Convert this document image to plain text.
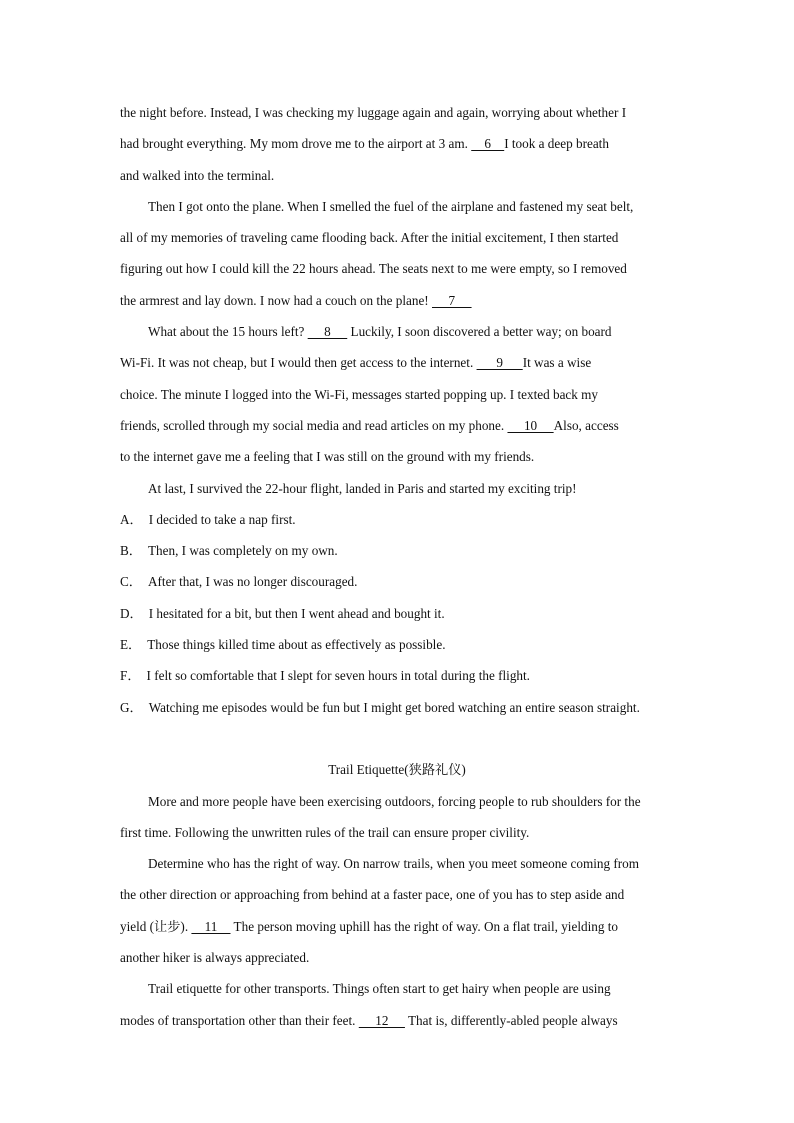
the night before. Instead, I was checking my luggage again and again, worrying about whether I
had brought everything. My mom drove me to the airport at 3 am.     6    I took a deep breath
and walked into the terminal.
Then I got onto the plane. When I smelled the fuel of the airplane and fastened my seat belt,
all of my memories of traveling came flooding back. After the initial excitement, I then started
figuring out how I could kill the 22 hours ahead. The seats next to me were empty, so I removed
the armrest and lay down. I now had a couch on the plane!      7
What about the 15 hours left?      8      Luckily, I soon discovered a better way; on board
Wi-Fi. It was not cheap, but I would then get access to the internet.       9      It was a wise
choice. The minute I logged into the Wi-Fi, messages started popping up. I texted back my
friends, scrolled through my social media and read articles on my phone.      10     Also, access
to the internet gave me a feeling that I was still on the ground with my friends.
At last, I survived the 22-hour flight, landed in Paris and started my exciting trip!
A． I decided to take a nap first.
B． Then, I was completely on my own.
C． After that, I was no longer discouraged.
D． I hesitated for a bit, but then I went ahead and bought it.
E． Those things killed time about as effectively as possible.
F． I felt so comfortable that I slept for seven hours in total during the flight.
G． Watching me episodes would be fun but I might get bored watching an entire season straight.
Trail Etiquette(狭路礼仪)
More and more people have been exercising outdoors, forcing people to rub shoulders for the
first time. Following the unwritten rules of the trail can ensure proper civility.
Determine who has the right of way. On narrow trails, when you meet someone coming from
the other direction or approaching from behind at a faster pace, one of you has to step aside and
yield (让步).     11     The person moving uphill has the right of way. On a flat trail, yielding to
another hiker is always appreciated.
Trail etiquette for other transports. Things often start to get hairy when people are using
modes of transportation other than their feet.      12      That is, differently-abled people always
